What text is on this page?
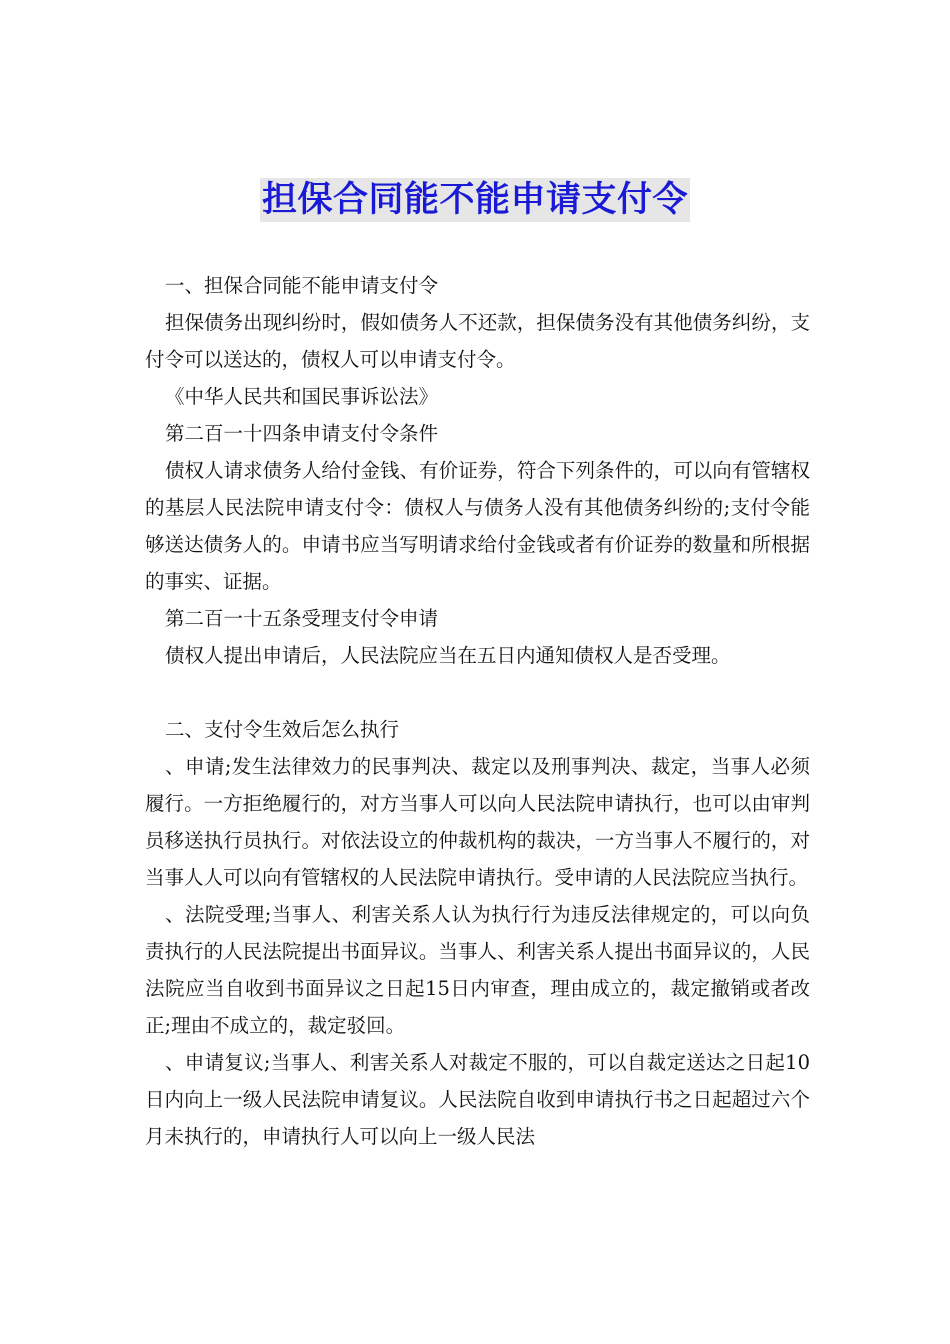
担保合同能不能申请支付令

一、担保合同能不能申请支付令

担保债务出现纠纷时，假如债务人不还款，担保债务没有其他债务纠纷，支付令可以送达的，债权人可以申请支付令。

《中华人民共和国民事诉讼法》

第二百一十四条申请支付令条件

债权人请求债务人给付金钱、有价证券，符合下列条件的，可以向有管辖权的基层人民法院申请支付令：债权人与债务人没有其他债务纠纷的;支付令能够送达债务人的。申请书应当写明请求给付金钱或者有价证券的数量和所根据的事实、证据。

第二百一十五条受理支付令申请

债权人提出申请后，人民法院应当在五日内通知债权人是否受理。

二、支付令生效后怎么执行

、申请;发生法律效力的民事判决、裁定以及刑事判决、裁定，当事人必须履行。一方拒绝履行的，对方当事人可以向人民法院申请执行，也可以由审判员移送执行员执行。对依法设立的仲裁机构的裁决，一方当事人不履行的，对当事人人可以向有管辖权的人民法院申请执行。受申请的人民法院应当执行。

、法院受理;当事人、利害关系人认为执行行为违反法律规定的，可以向负责执行的人民法院提出书面异议。当事人、利害关系人提出书面异议的，人民法院应当自收到书面异议之日起15日内审查，理由成立的，裁定撤销或者改正;理由不成立的，裁定驳回。

、申请复议;当事人、利害关系人对裁定不服的，可以自裁定送达之日起10日内向上一级人民法院申请复议。人民法院自收到申请执行书之日起超过六个月未执行的，申请执行人可以向上一级人民法
